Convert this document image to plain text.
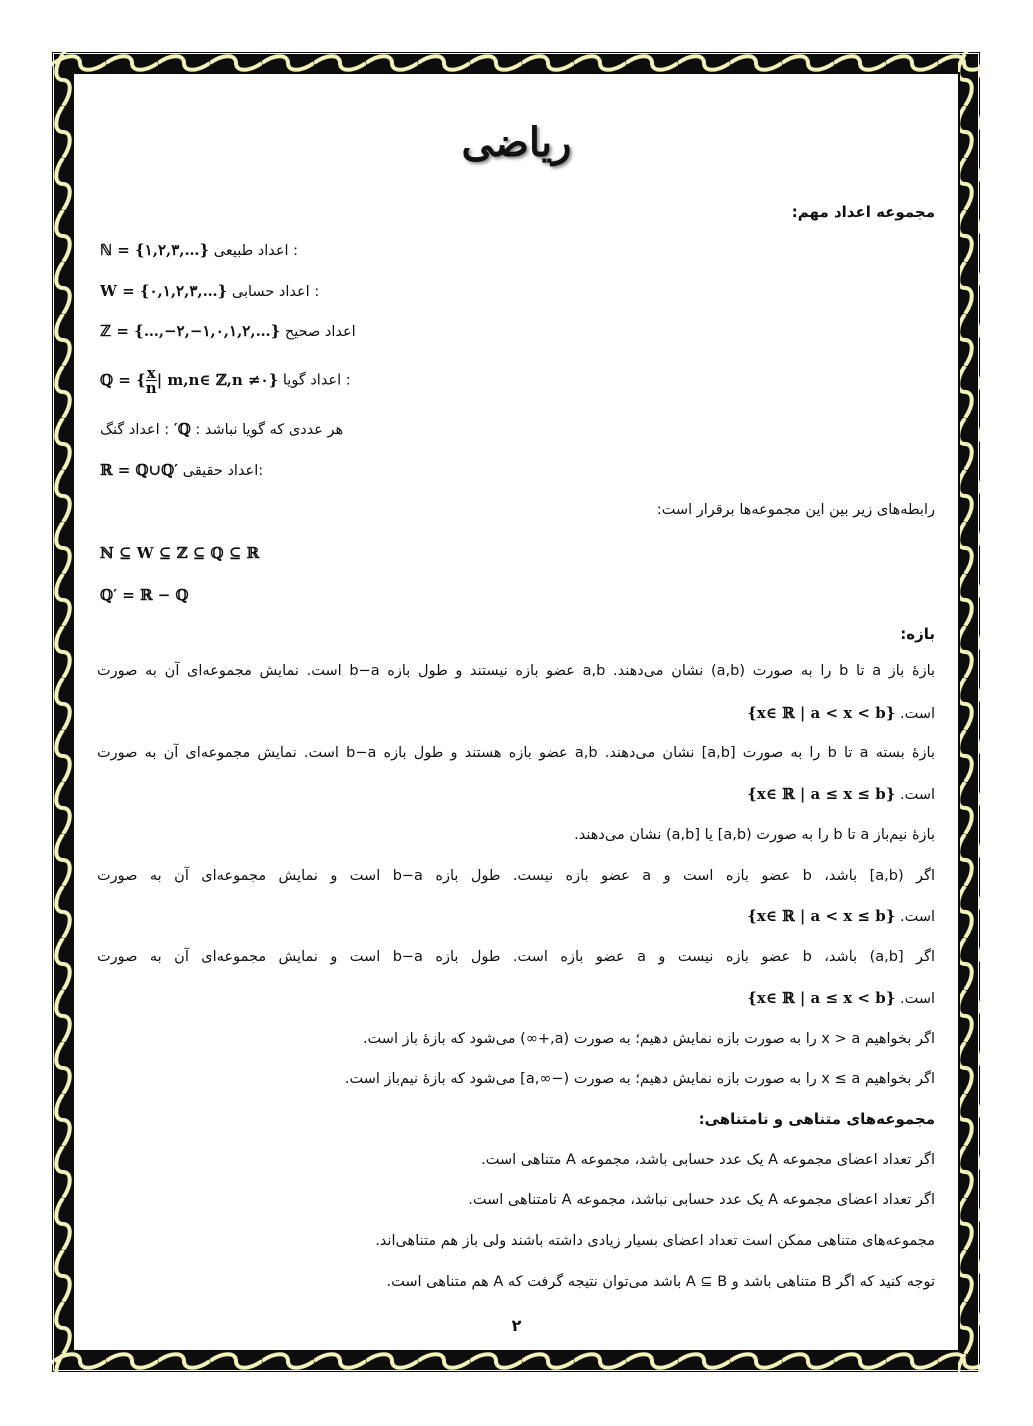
ریاضی
مجموعه اعداد مهم:
ℕ = {۱,۲,۳,…}	: اعداد طبیعی
W = {۰,۱,۲,۳,…}	: اعداد حسابی
ℤ = {…,−۲,−۱,۰,۱,۲,…} اعداد صحیح
ℚ = { $\frac{x}{n}$ | m,n∈ ℤ,n ≠۰}	: اعداد گویا
هر عددی که گویا نباشد : ℚ′ : اعداد گنگ
ℝ = ℚ∪ℚ′	:اعداد حقیقی
رابطه‌های زیر بین این مجموعه‌ها برقرار است:
ℕ ⊆ W ⊆ ℤ ⊆ ℚ ⊆ ℝ
ℚ′ = ℝ − ℚ
بازه:
بازهٔ باز a تا b را به صورت (a,b) نشان می‌دهند. a,b عضو بازه نیستند و طول بازه b−a است. نمایش مجموعه‌ای آن به صورت
است. {x∈ ℝ | a < x < b}
بازهٔ بسته a تا b را به صورت [a,b] نشان می‌دهند. a,b عضو بازه هستند و طول بازه b−a است. نمایش مجموعه‌ای آن به صورت
است. {x∈ ℝ | a ≤ x ≤ b}
بازهٔ نیم‌باز a تا b را به صورت (a,b] یا [a,b) نشان می‌دهند.
اگر (a,b] باشد، b عضو بازه است و a عضو بازه نیست. طول بازه b−a است و نمایش مجموعه‌ای آن به صورت
است. {x∈ ℝ | a < x ≤ b}
اگر [a,b) باشد، b عضو بازه نیست و a عضو بازه است. طول بازه b−a است و نمایش مجموعه‌ای آن به صورت
است. {x∈ ℝ | a ≤ x < b}
اگر بخواهیم x > a را به صورت بازه نمایش دهیم؛ به صورت (a,+∞) می‌شود که بازهٔ باز است.
اگر بخواهیم x ≤ a را به صورت بازه نمایش دهیم؛ به صورت (−∞,a] می‌شود که بازهٔ نیم‌باز است.
مجموعه‌های متناهی و نامتناهی:
اگر تعداد اعضای مجموعه A یک عدد حسابی باشد، مجموعه A متناهی است.
اگر تعداد اعضای مجموعه A یک عدد حسابی نباشد، مجموعه A نامتناهی است.
مجموعه‌های متناهی ممکن است تعداد اعضای بسیار زیادی داشته باشند ولی باز هم متناهی‌اند.
توجه کنید که اگر B متناهی باشد و A ⊆ B باشد می‌توان نتیجه گرفت که A هم متناهی است.
۲
